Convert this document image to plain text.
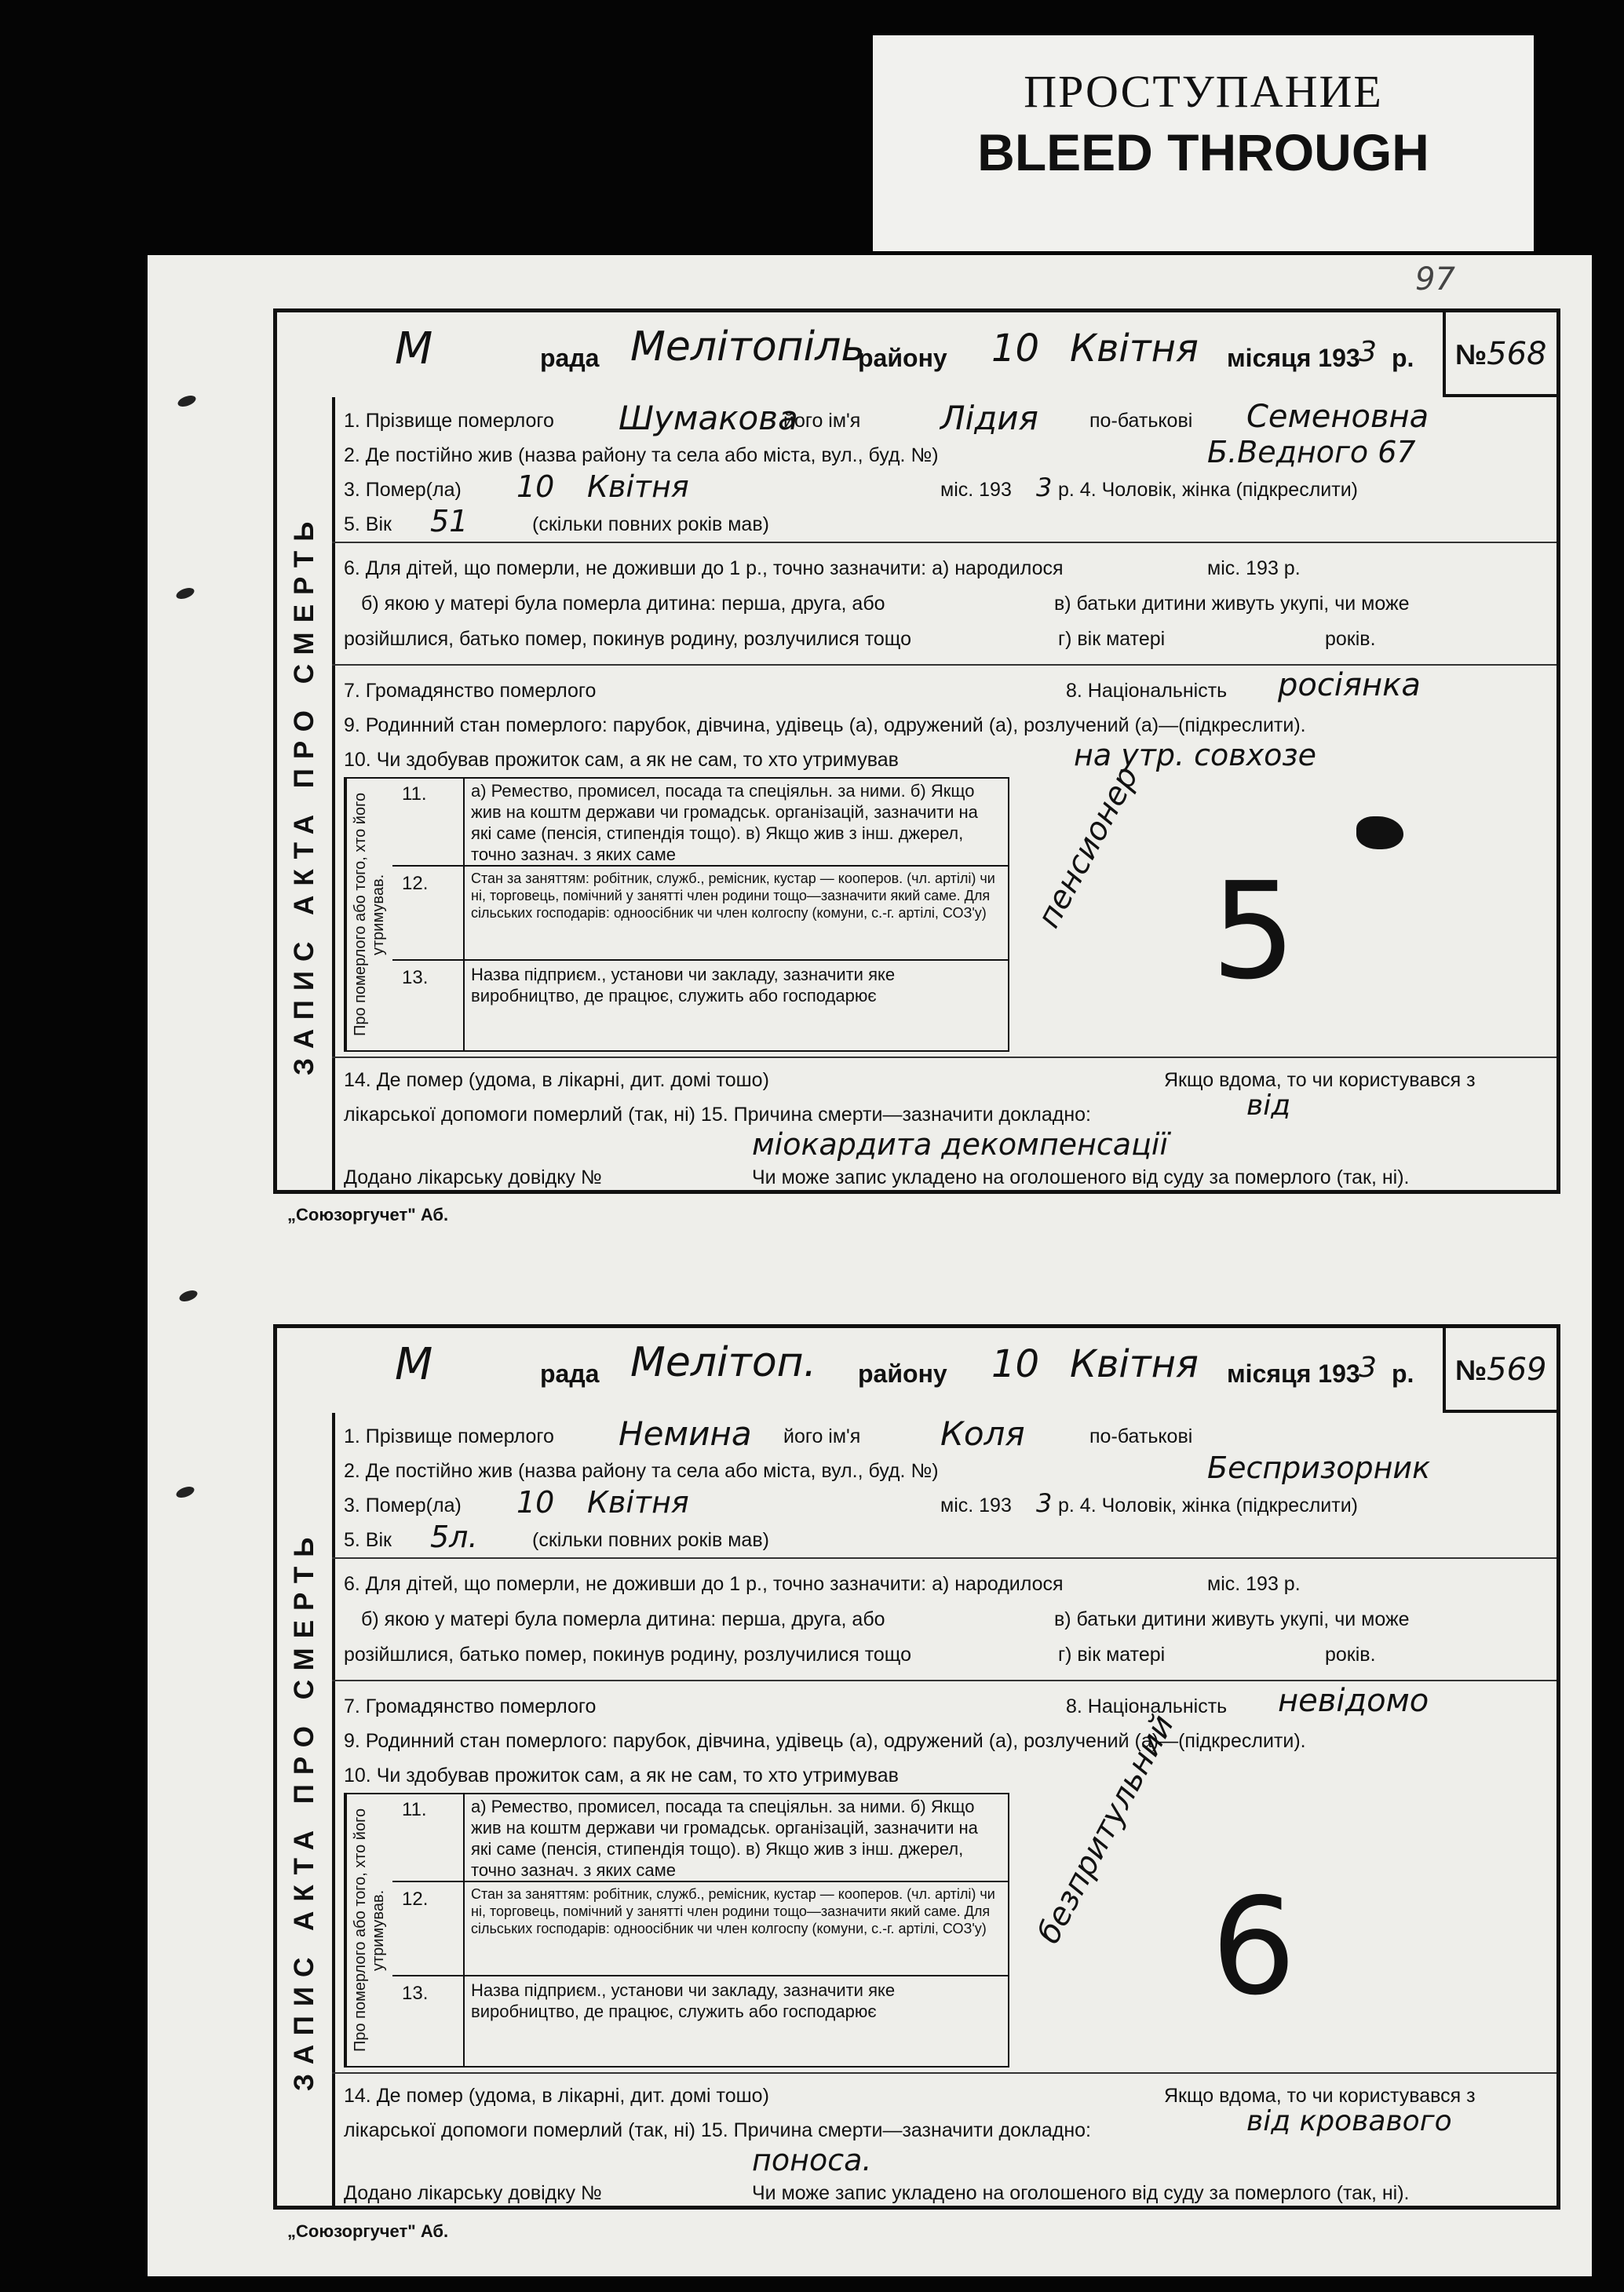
ПРОСТУПАНИЕ
BLEED THROUGH
97
М	рада Мелітопіль
району 10 Квітня місяця 193
3 р.	№568
ЗАПИС АКТА ПРО СМЕРТЬ
1. Прізвище померлого Шумакова
його ім'я Лідия	по-батькові Семеновна
2. Де постійно жив (назва району та села або міста, вул., буд. №)	Б.Ведного 67
3. Помер(ла) 10 Квітня	міс. 193 3 р. 4. Чоловік, жінка (підкреслити)
5. Вік 51	(скільки повних років мав)
6. Для дітей, що померли, не доживши до 1 р., точно зазначити: а) народилося	міс. 193 р.
б) якою у матері була померла дитина: перша, друга, або	в) батьки дитини живуть укупі, чи може
розійшлися, батько помер, покинув родину, розлучилися тощо	г) вік матері	років.
7. Громадянство померлого	8. Національність росіянка
9. Родинний стан померлого: парубок, дівчина, удівець (а), одружений (а), розлучений (а)—(підкреслити).
10. Чи здобував прожиток сам, а як не сам, то хто утримував	на утр. совхозе
Про померлого або того, хто його утримував.
11.	а) Ремество, промисел, посада та спеціяльн. за ними. б) Якщо жив на коштм держави чи громадськ. організацій, зазначити на які саме (пенсія, стипендія тощо). в) Якщо жив з інш. джерел, точно зазнач. з яких саме
12.	Стан за заняттям: робітник, служб., ремісник, кустар — кооперов. (чл. артілі) чи ні, торговець, помічний у занятті член родини тощо—зазначити який саме. Для сільських господарів: одноосібник чи член колгоспу (комуни, с.-г. артілі, СОЗ'у)
13. Назва підприєм., установи чи закладу, зазначити яке виробництво, де працює, служить або господарює
пенсионер 5
14. Де помер (удома, в лікарні, дит. домі тошо)	Якщо вдома, то чи користувався з
лікарської допомоги померлий (так, ні) 15. Причина смерти—зазначити докладно:	від
міокардита декомпенсації
Додано лікарську довідку №	Чи може запис укладено на оголошеного від суду за померлого (так, ні).
„Союзоргучет" Аб.
М	рада Мелітоп. району 10 Квітня місяця 193
3 р.	№569
ЗАПИС АКТА ПРО СМЕРТЬ
1. Прізвище померлого Немина його ім'я Коля	по-батькові
2. Де постійно жив (назва району та села або міста, вул., буд. №)	Беспризорник
3. Помер(ла) 10 Квітня	міс. 193 3 р. 4. Чоловік, жінка (підкреслити)
5. Вік 5л.	(скільки повних років мав)
6. Для дітей, що померли, не доживши до 1 р., точно зазначити: а) народилося	міс. 193 р.
б) якою у матері була померла дитина: перша, друга, або	в) батьки дитини живуть укупі, чи може
розійшлися, батько помер, покинув родину, розлучилися тощо	г) вік матері	років.
7. Громадянство померлого	8. Національність невідомо
9. Родинний стан померлого: парубок, дівчина, удівець (а), одружений (а), розлучений (а)—(підкреслити).
10. Чи здобував прожиток сам, а як не сам, то хто утримував
Про померлого або того, хто його утримував.
11.	а) Ремество, промисел, посада та спеціяльн. за ними. б) Якщо жив на коштм держави чи громадськ. організацій, зазначити на які саме (пенсія, стипендія тощо). в) Якщо жив з інш. джерел, точно зазнач. з яких саме
12.	Стан за заняттям: робітник, служб., ремісник, кустар — кооперов. (чл. артілі) чи ні, торговець, помічний у занятті член родини тощо—зазначити який саме. Для сільських господарів: одноосібник чи член колгоспу (комуни, с.-г. артілі, СОЗ'у)
13. Назва підприєм., установи чи закладу, зазначити яке виробництво, де працює, служить або господарює
безпритульний 6
14. Де помер (удома, в лікарні, дит. домі тошо)	Якщо вдома, то чи користувався з
лікарської допомоги померлий (так, ні) 15. Причина смерти—зазначити докладно:	від кровавого
поноса.
Додано лікарську довідку №	Чи може запис укладено на оголошеного від суду за померлого (так, ні).
„Союзоргучет" Аб.
